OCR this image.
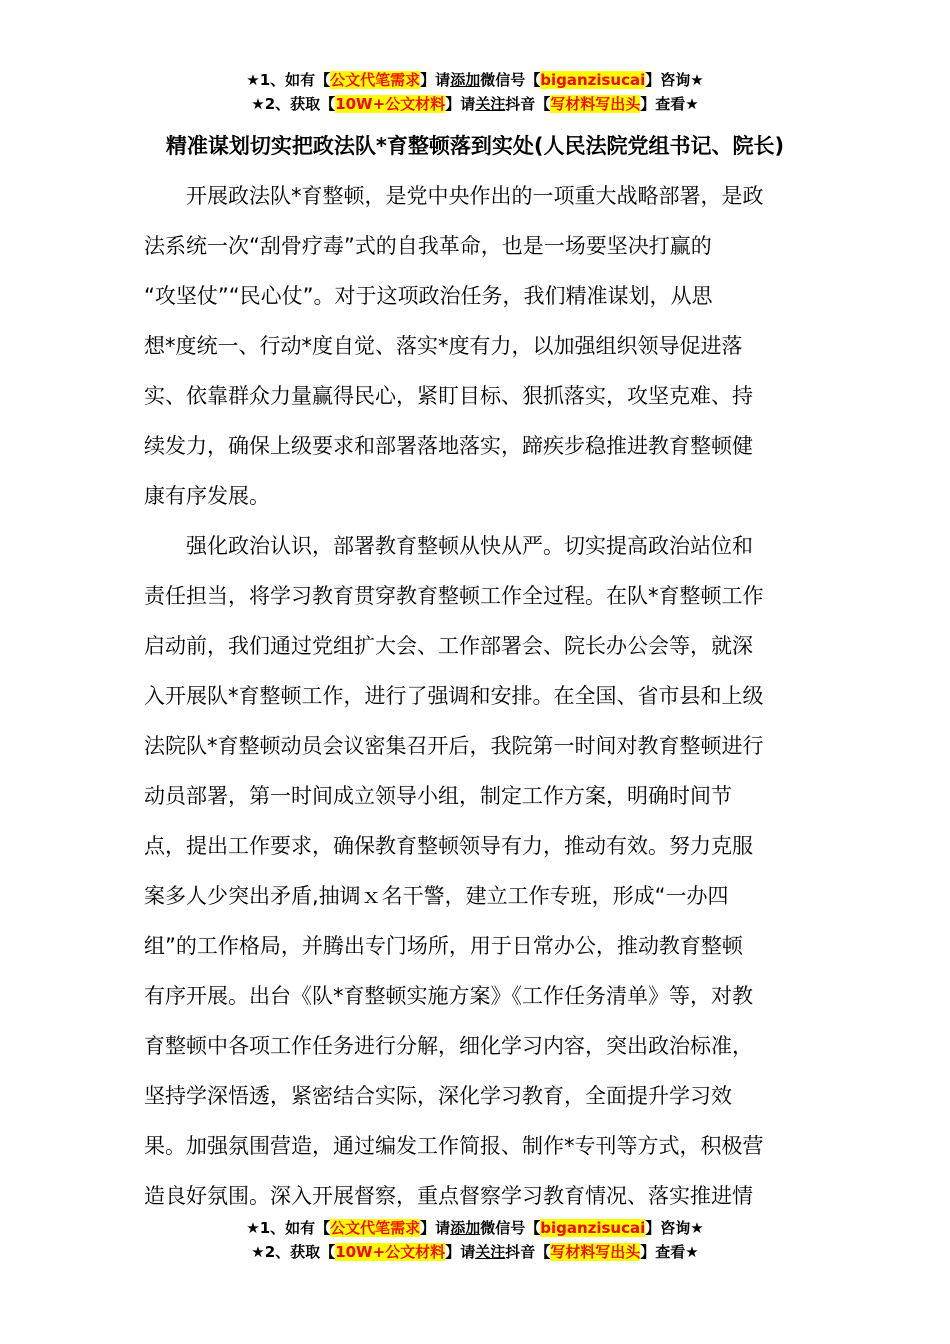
★1、如有【公文代笔需求】请添加微信号【biganzisucai】咨询★
★2、获取【10W+公文材料】请关注抖音【写材料写出头】查看★
精准谋划切实把政法队*育整顿落到实处(人民法院党组书记、院长)
开展政法队*育整顿，是党中央作出的一项重大战略部署，是政
法系统一次“刮骨疗毒”式的自我革命，也是一场要坚决打赢的
“攻坚仗”“民心仗”。对于这项政治任务，我们精准谋划，从思
想*度统一、行动*度自觉、落实*度有力，以加强组织领导促进落
实、依靠群众力量赢得民心，紧盯目标、狠抓落实，攻坚克难、持
续发力，确保上级要求和部署落地落实，蹄疾步稳推进教育整顿健
康有序发展。
强化政治认识，部署教育整顿从快从严。切实提高政治站位和
责任担当，将学习教育贯穿教育整顿工作全过程。在队*育整顿工作
启动前，我们通过党组扩大会、工作部署会、院长办公会等，就深
入开展队*育整顿工作，进行了强调和安排。在全国、省市县和上级
法院队*育整顿动员会议密集召开后，我院第一时间对教育整顿进行
动员部署，第一时间成立领导小组，制定工作方案，明确时间节
点，提出工作要求，确保教育整顿领导有力，推动有效。努力克服
案多人少突出矛盾,抽调ｘ名干警，建立工作专班，形成“一办四
组”的工作格局，并腾出专门场所，用于日常办公，推动教育整顿
有序开展。出台《队*育整顿实施方案》《工作任务清单》等，对教
育整顿中各项工作任务进行分解，细化学习内容，突出政治标准，
坚持学深悟透，紧密结合实际，深化学习教育，全面提升学习效
果。加强氛围营造，通过编发工作简报、制作*专刊等方式，积极营
造良好氛围。深入开展督察，重点督察学习教育情况、落实推进情
★1、如有【公文代笔需求】请添加微信号【biganzisucai】咨询★
★2、获取【10W+公文材料】请关注抖音【写材料写出头】查看★
